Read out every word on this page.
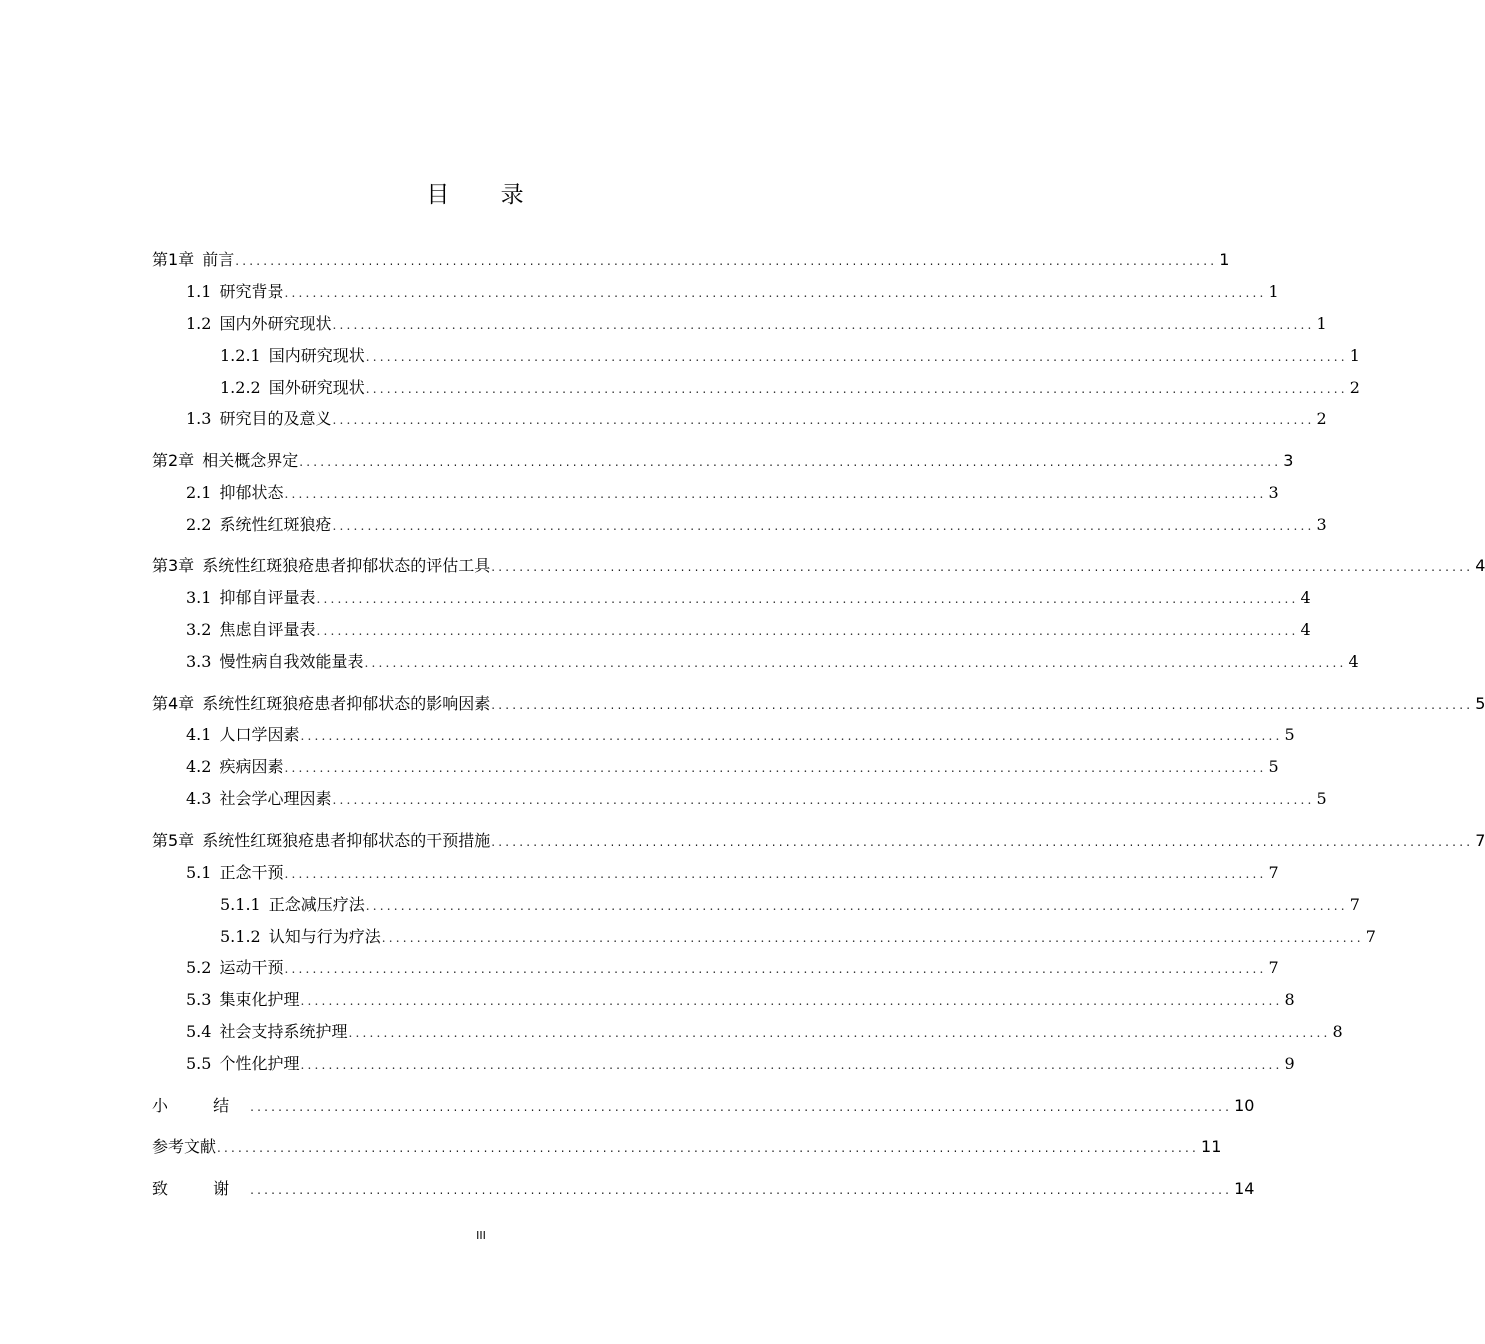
目 录
第1章 前言 ............................................................................................................................................ 1
1.1 研究背景 ............................................................................................................................................ 1
1.2 国内外研究现状 ............................................................................................................................................ 1
1.2.1 国内研究现状 ............................................................................................................................................ 1
1.2.2 国外研究现状 ............................................................................................................................................ 2
1.3 研究目的及意义 ............................................................................................................................................ 2
第2章 相关概念界定 ............................................................................................................................................ 3
2.1 抑郁状态 ............................................................................................................................................ 3
2.2 系统性红斑狼疮 ............................................................................................................................................ 3
第3章 系统性红斑狼疮患者抑郁状态的评估工具 ............................................................................................................................................ 4
3.1 抑郁自评量表 ............................................................................................................................................ 4
3.2 焦虑自评量表 ............................................................................................................................................ 4
3.3 慢性病自我效能量表 ............................................................................................................................................ 4
第4章 系统性红斑狼疮患者抑郁状态的影响因素 ............................................................................................................................................ 5
4.1 人口学因素 ............................................................................................................................................ 5
4.2 疾病因素 ............................................................................................................................................ 5
4.3 社会学心理因素 ............................................................................................................................................ 5
第5章 系统性红斑狼疮患者抑郁状态的干预措施 ............................................................................................................................................ 7
5.1 正念干预 ............................................................................................................................................ 7
5.1.1 正念减压疗法 ............................................................................................................................................ 7
5.1.2 认知与行为疗法 ............................................................................................................................................ 7
5.2 运动干预 ............................................................................................................................................ 7
5.3 集束化护理 ............................................................................................................................................ 8
5.4 社会支持系统护理 ............................................................................................................................................ 8
5.5 个性化护理 ............................................................................................................................................ 9
小 结 ............................................................................................................................................ 10
参考文献 ............................................................................................................................................ 11
致 谢 ............................................................................................................................................ 14
III
